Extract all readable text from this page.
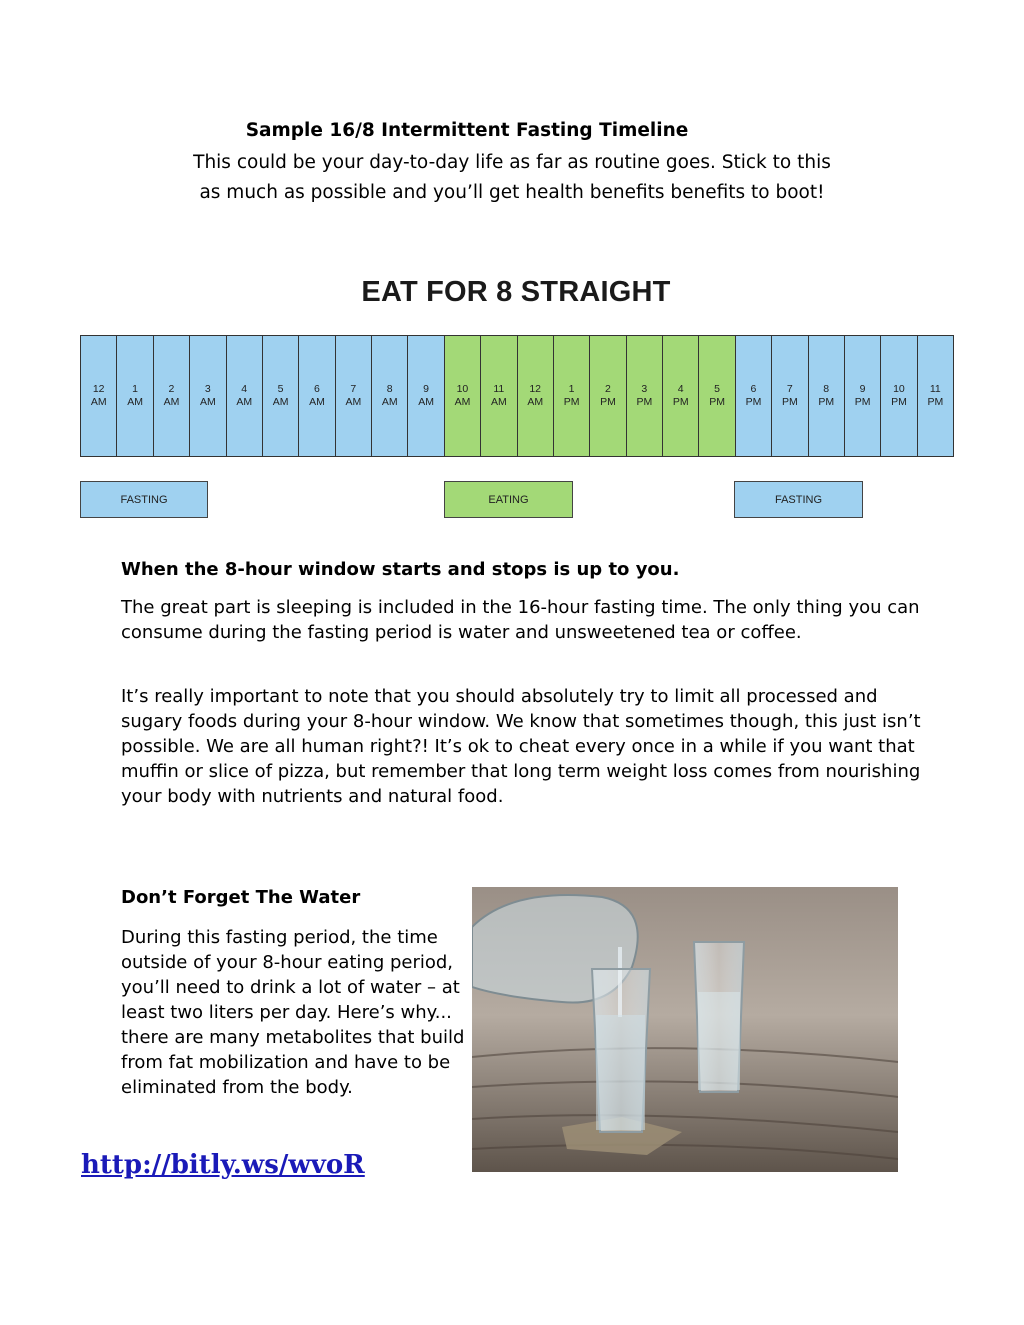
Sample 16/8 Intermittent Fasting Timeline
This could be your day-to-day life as far as routine goes. Stick to this
as much as possible and you’ll get health benefits benefits to boot!
EAT FOR 8 STRAIGHT
12
AM
1
AM
2
AM
3
AM
4
AM
5
AM
6
AM
7
AM
8
AM
9
AM
10
AM
11
AM
12
AM
1
PM
2
PM
3
PM
4
PM
5
PM
6
PM
7
PM
8
PM
9
PM
10
PM
11
PM
FASTING	EATING	FASTING
When the 8-hour window starts and stops is up to you.

The great part is sleeping is included in the 16-hour fasting time. The only thing you can consume during the fasting period is water and unsweetened tea or coffee.

It’s really important to note that you should absolutely try to limit all processed and sugary foods during your 8-hour window. We know that sometimes though, this just isn’t possible. We are all human right?! It’s ok to cheat every once in a while if you want that muffin or slice of pizza, but remember that long term weight loss comes from nourishing your body with nutrients and natural food.

Don’t Forget The Water

During this fasting period, the time outside of your 8-hour eating period, you’ll need to drink a lot of water – at least two liters per day. Here’s why... there are many metabolites that build from fat mobilization and have to be eliminated from the body.

http://bitly.ws/wvoR
